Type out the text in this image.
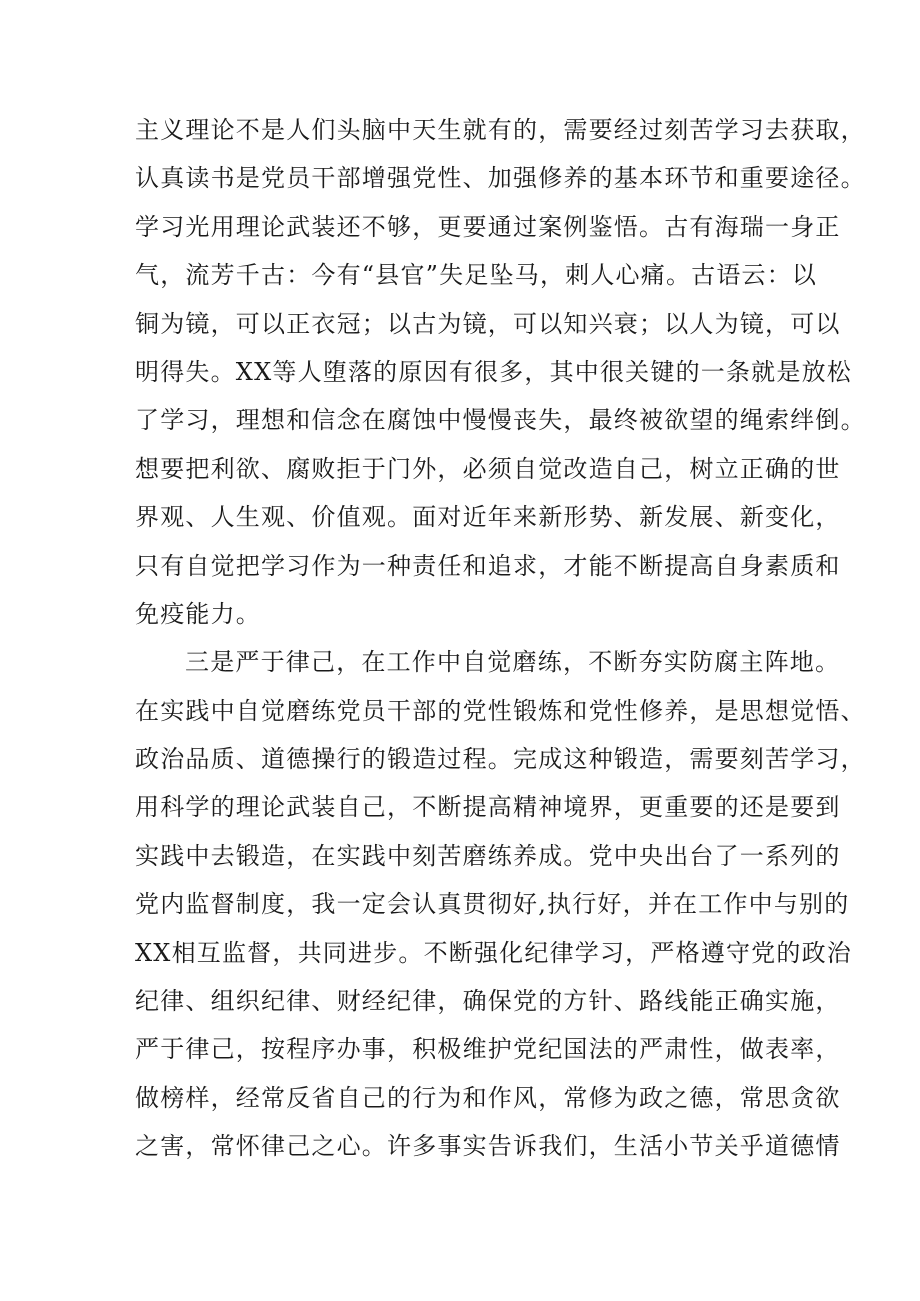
主义理论不是人们头脑中天生就有的，需要经过刻苦学习去获取，
认真读书是党员干部增强党性、加强修养的基本环节和重要途径。
学习光用理论武装还不够，更要通过案例鉴悟。古有海瑞一身正
气，流芳千古：今有“县官”失足坠马，刺人心痛。古语云：以
铜为镜，可以正衣冠；以古为镜，可以知兴衰；以人为镜，可以
明得失。XX等人堕落的原因有很多，其中很关键的一条就是放松
了学习，理想和信念在腐蚀中慢慢丧失，最终被欲望的绳索绊倒。
想要把利欲、腐败拒于门外，必须自觉改造自己，树立正确的世
界观、人生观、价值观。面对近年来新形势、新发展、新变化，
只有自觉把学习作为一种责任和追求，才能不断提高自身素质和
免疫能力。
三是严于律己，在工作中自觉磨练，不断夯实防腐主阵地。
在实践中自觉磨练党员干部的党性锻炼和党性修养，是思想觉悟、
政治品质、道德操行的锻造过程。完成这种锻造，需要刻苦学习，
用科学的理论武装自己，不断提高精神境界，更重要的还是要到
实践中去锻造，在实践中刻苦磨练养成。党中央出台了一系列的
党内监督制度，我一定会认真贯彻好,执行好，并在工作中与别的
XX相互监督，共同进步。不断强化纪律学习，严格遵守党的政治
纪律、组织纪律、财经纪律，确保党的方针、路线能正确实施，
严于律己，按程序办事，积极维护党纪国法的严肃性，做表率，
做榜样，经常反省自己的行为和作风，常修为政之德，常思贪欲
之害，常怀律己之心。许多事实告诉我们，生活小节关乎道德情
